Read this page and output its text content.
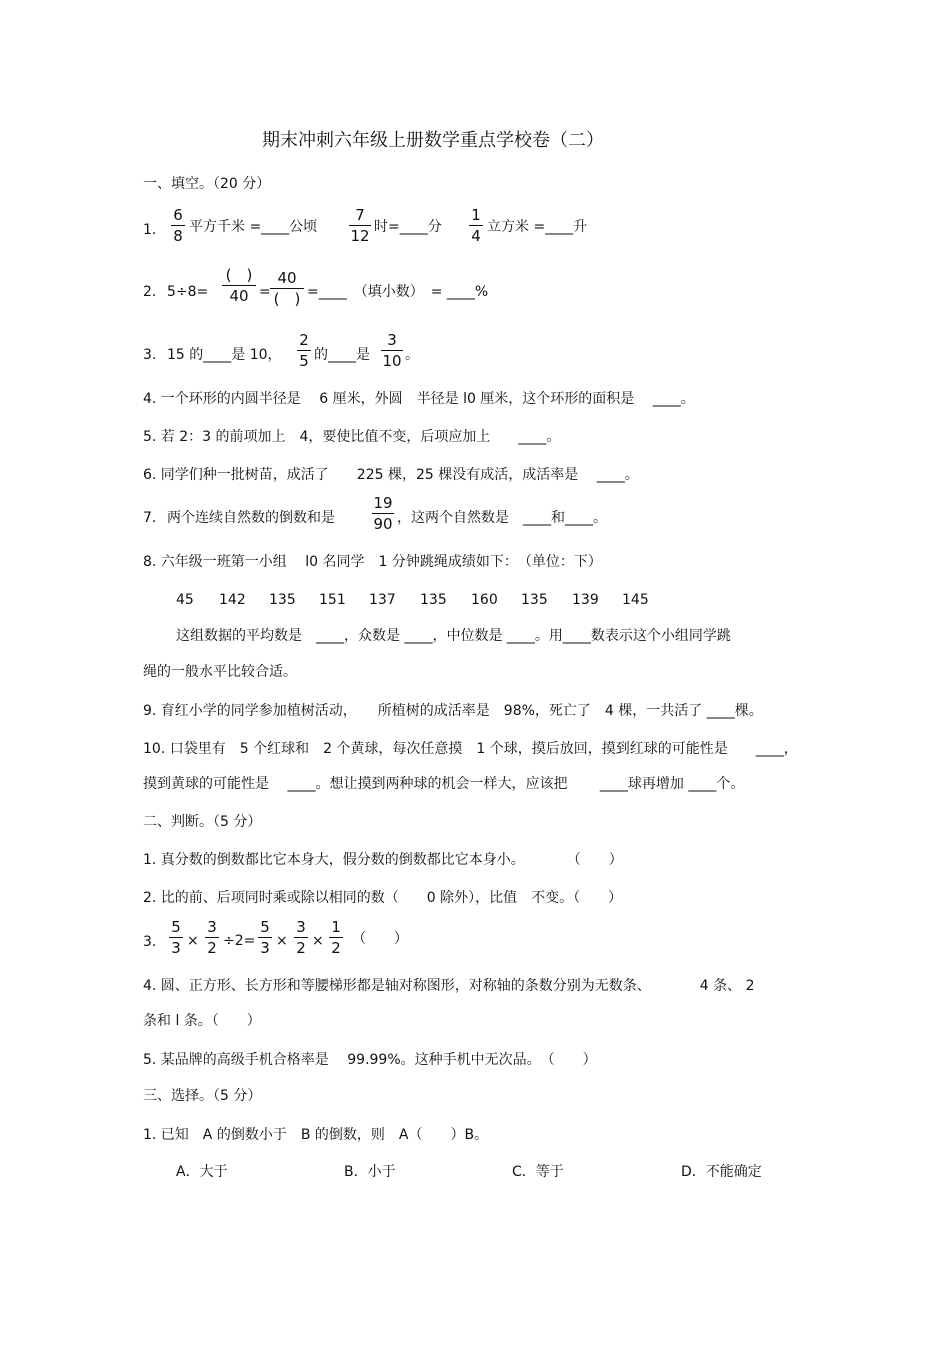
期末冲刺六年级上册数学重点学校卷（二）
一、填空。（20 分）
1.
6
8 平方千米 =____公顷
7
12 时=____分
1
4 立方米 =____升
2. 5÷8=
(　)
40 =
40
(　) =____　（填小数）　= ____%
3. 15 的____是 10，
2
5 的____是
3
10 。
4. 一个环形的内圆半径是　 6 厘米，外圆　半径是 l0 厘米，这个环形的面积是　 ____。
5. 若 2：3 的前项加上　4，要使比值不变，后项应加上　　____。
6. 同学们种一批树苗，成活了　　225 棵，25 棵没有成活，成活率是　 ____。
7. 两个连续自然数的倒数和是
19
90 ，这两个自然数是　____和____。
8. 六年级一班第一小组　 l0 名同学　1 分钟跳绳成绩如下：　（单位：下）
45 142 135 151 137 135 160 135 139 145
这组数据的平均数是　____，众数是 ____，中位数是 ____。用____数表示这个小组同学跳
绳的一般水平比较合适。
9. 育红小学的同学参加植树活动，　　所植树的成活率是　98%，死亡了　4 棵，一共活了 ____棵。
10. 口袋里有　5 个红球和　2 个黄球，每次任意摸　1 个球，摸后放回，摸到红球的可能性是　　____，
摸到黄球的可能性是　 ____。想让摸到两种球的机会一样大，应该把　　 ____球再增加 ____个。
二、判断。（5 分）
1. 真分数的倒数都比它本身大，假分数的倒数都比它本身小。　　　　（　　）
2. 比的前、后项同时乘或除以相同的数（　　0 除外），比值　不变。（　　）
3.
5
3 ×
3
2 ÷2=
5
3 ×
3
2 ×
1
2 （　　）
4. 圆、正方形、长方形和等腰梯形都是轴对称图形，对称轴的条数分别为无数条、　　　　4 条、 2
条和 l 条。（　　）
5. 某品牌的高级手机合格率是　 99.99%。这种手机中无次品。　（　　）
三、选择。（5 分）
1. 已知　A 的倒数小于　B 的倒数，则　A（　　）B。
A．大于	B．小于	C．等于	D．不能确定
